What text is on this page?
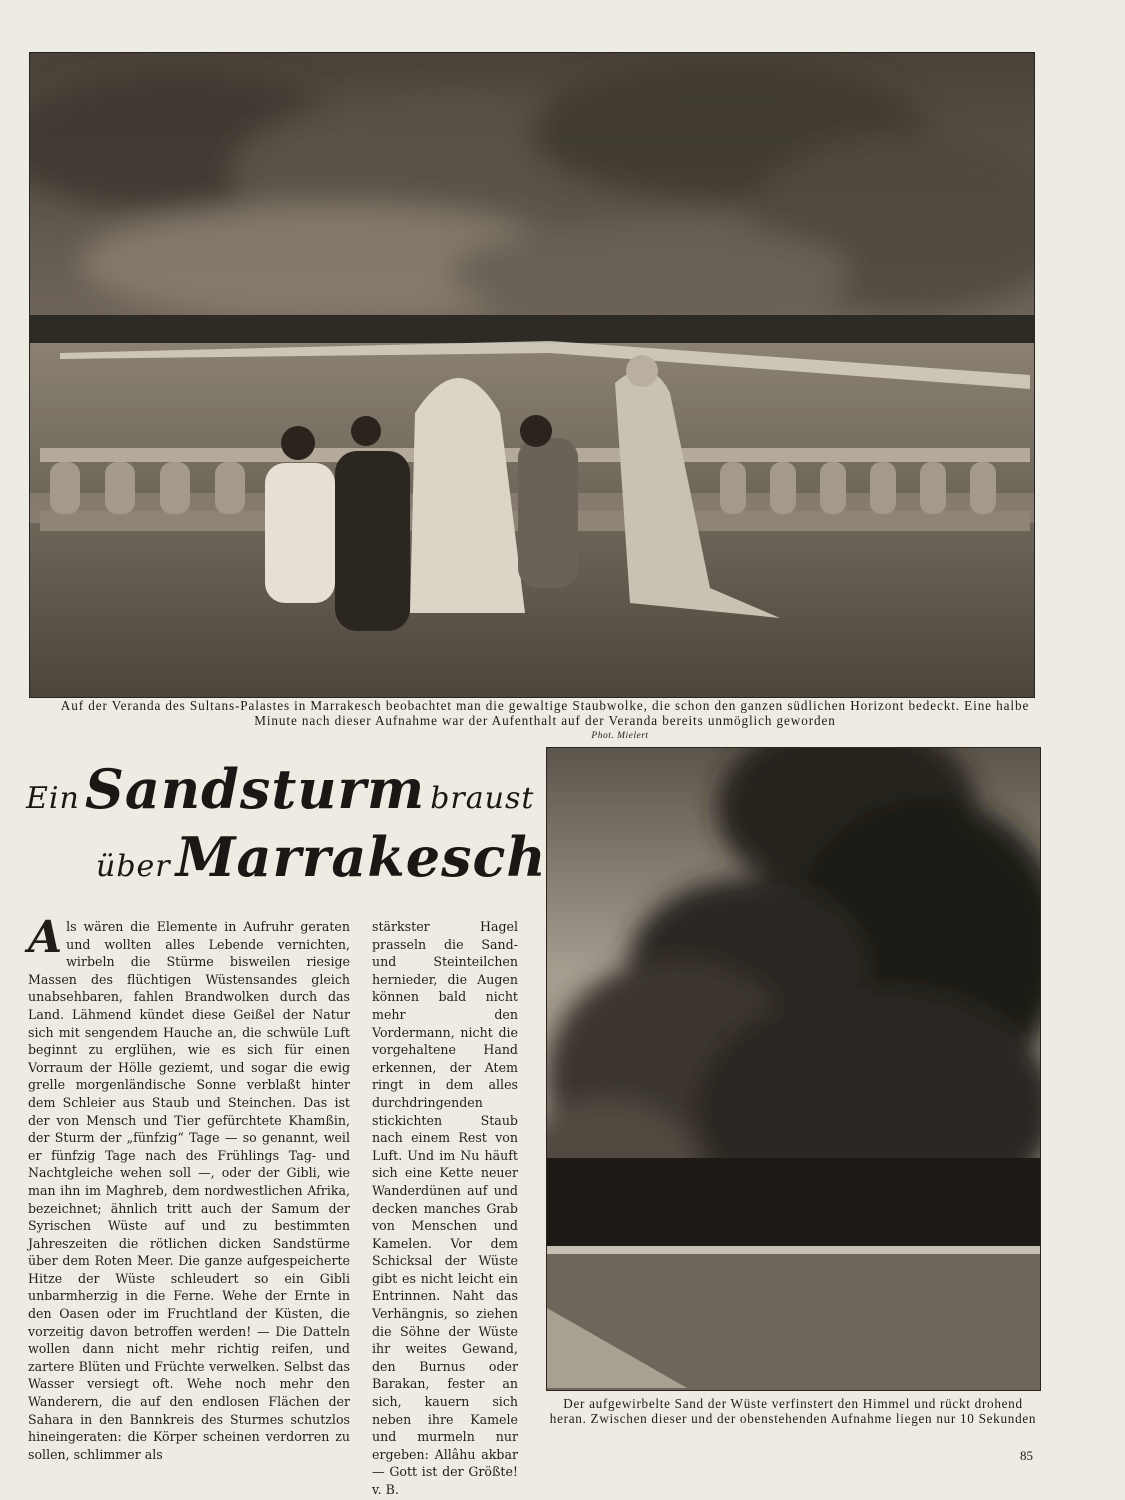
Auf der Veranda des Sultans-Palastes in Marrakesch beobachtet man die gewaltige Staubwolke, die schon den ganzen südlichen Horizont bedeckt. Eine halbe Minute nach dieser Aufnahme war der Aufenthalt auf der Veranda bereits unmöglich geworden
Phot. Mielert
Ein Sandsturm braust
über Marrakesch
Als wären die Elemente in Aufruhr geraten und wollten alles Lebende vernichten, wirbeln die Stürme bisweilen riesige Massen des flüchtigen Wüstensandes gleich unabsehbaren, fahlen Brandwolken durch das Land. Lähmend kündet diese Geißel der Natur sich mit sengendem Hauche an, die schwüle Luft beginnt zu erglühen, wie es sich für einen Vorraum der Hölle geziemt, und sogar die ewig grelle morgenländische Sonne verblaßt hinter dem Schleier aus Staub und Steinchen. Das ist der von Mensch und Tier gefürchtete Khamßin, der Sturm der „fünfzig“ Tage — so genannt, weil er fünfzig Tage nach des Frühlings Tag- und Nachtgleiche wehen soll —, oder der Gibli, wie man ihn im Maghreb, dem nordwestlichen Afrika, bezeichnet; ähnlich tritt auch der Samum der Syrischen Wüste auf und zu bestimmten Jahreszeiten die rötlichen dicken Sandstürme über dem Roten Meer. Die ganze aufgespeicherte Hitze der Wüste schleudert so ein Gibli unbarmherzig in die Ferne. Wehe der Ernte in den Oasen oder im Fruchtland der Küsten, die vorzeitig davon betroffen werden! — Die Datteln wollen dann nicht mehr richtig reifen, und zartere Blüten und Früchte verwelken. Selbst das Wasser versiegt oft. Wehe noch mehr den Wanderern, die auf den endlosen Flächen der Sahara in den Bannkreis des Sturmes schutzlos hineingeraten: die Körper scheinen verdorren zu sollen, schlimmer als
stärkster Hagel prasseln die Sand- und Steinteilchen hernieder, die Augen können bald nicht mehr den Vordermann, nicht die vorgehaltene Hand erkennen, der Atem ringt in dem alles durchdringenden stickichten Staub nach einem Rest von Luft. Und im Nu häuft sich eine Kette neuer Wanderdünen auf und decken manches Grab von Menschen und Kamelen. Vor dem Schicksal der Wüste gibt es nicht leicht ein Entrinnen. Naht das Verhängnis, so ziehen die Söhne der Wüste ihr weites Gewand, den Burnus oder Barakan, fester an sich, kauern sich neben ihre Kamele und murmeln nur ergeben: Allâhu akbar — Gott ist der Größte! v. B.
Der aufgewirbelte Sand der Wüste verfinstert den Himmel und rückt drohend heran. Zwischen dieser und der obenstehenden Aufnahme liegen nur 10 Sekunden
85
